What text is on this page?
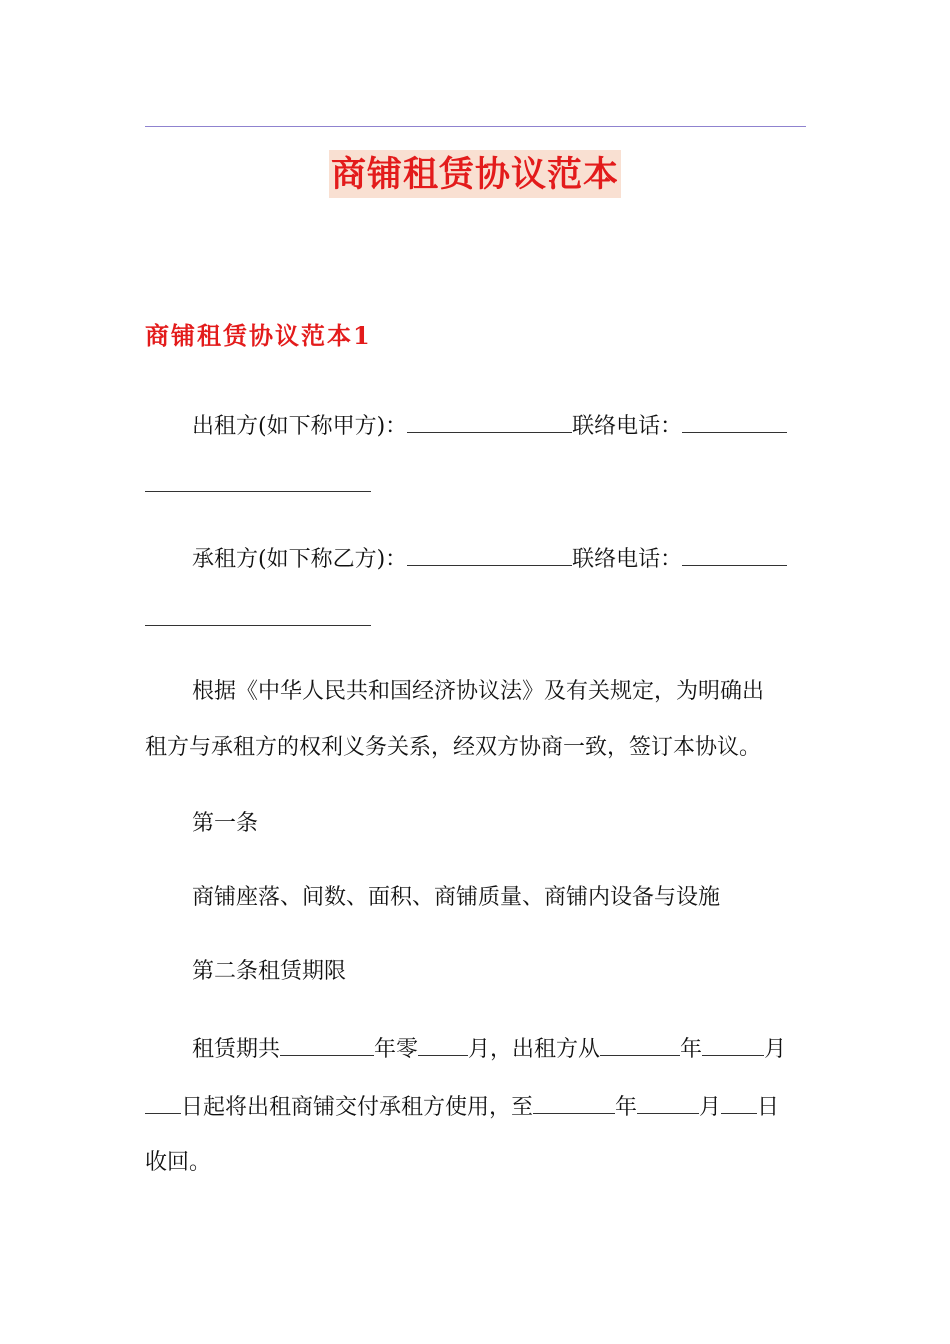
商铺租赁协议范本
商铺租赁协议范本1
出租方(如下称甲方)：	联络电话：
承租方(如下称乙方)：	联络电话：
根据《中华人民共和国经济协议法》及有关规定，为明确出
租方与承租方的权利义务关系，经双方协商一致，签订本协议。
第一条
商铺座落、间数、面积、商铺质量、商铺内设备与设施
第二条租赁期限
租赁期共	年零 月，出租方从	年	月
日起将出租商铺交付承租方使用，至	年	月 日
收回。
